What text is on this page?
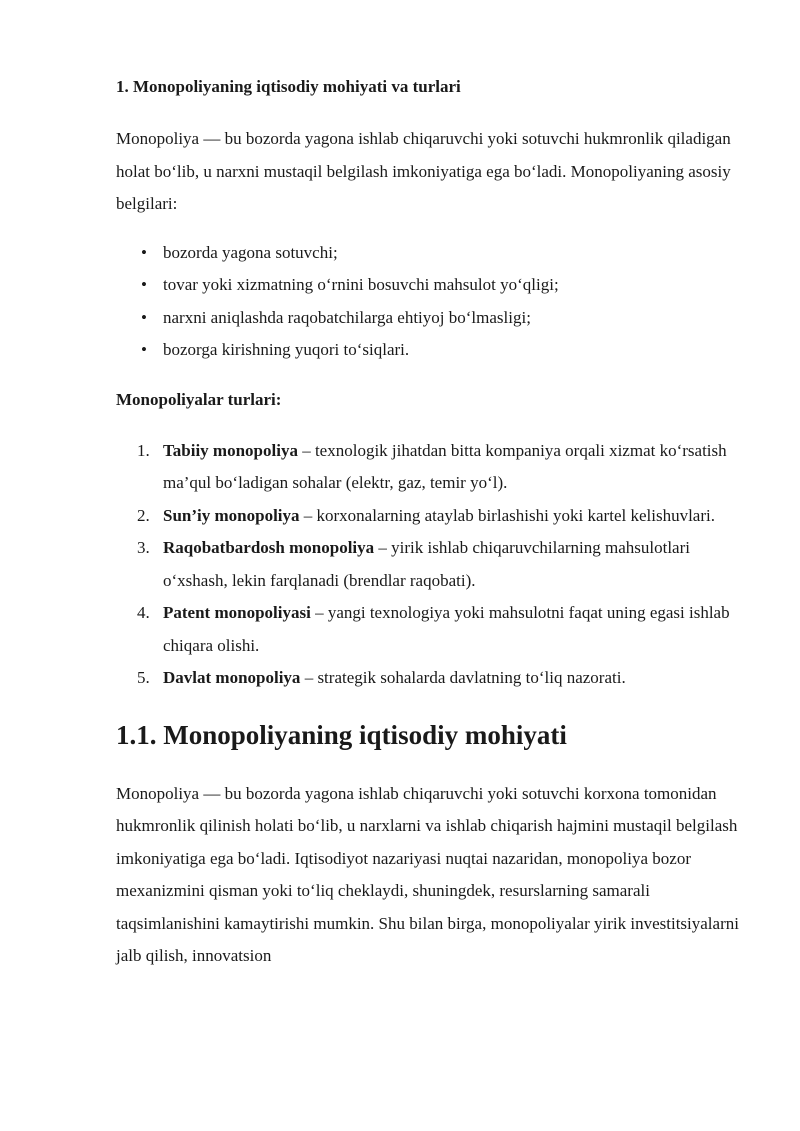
1. Monopoliyaning iqtisodiy mohiyati va turlari

Monopoliya — bu bozorda yagona ishlab chiqaruvchi yoki sotuvchi hukmronlik qiladigan holat bo‘lib, u narxni mustaqil belgilash imkoniyatiga ega bo‘ladi. Monopoliyaning asosiy belgilari:

• bozorda yagona sotuvchi;
• tovar yoki xizmatning o‘rnini bosuvchi mahsulot yo‘qligi;
• narxni aniqlashda raqobatchilarga ehtiyoj bo‘lmasligi;
• bozorga kirishning yuqori to‘siqlari.

Monopoliyalar turlari:

1. Tabiiy monopoliya – texnologik jihatdan bitta kompaniya orqali xizmat ko‘rsatish ma’qul bo‘ladigan sohalar (elektr, gaz, temir yo‘l).
2. Sun’iy monopoliya – korxonalarning ataylab birlashishi yoki kartel kelishuvlari.
3. Raqobatbardosh monopoliya – yirik ishlab chiqaruvchilarning mahsulotlari o‘xshash, lekin farqlanadi (brendlar raqobati).
4. Patent monopoliyasi – yangi texnologiya yoki mahsulotni faqat uning egasi ishlab chiqara olishi.
5. Davlat monopoliya – strategik sohalarda davlatning to‘liq nazorati.
1.1. Monopoliyaning iqtisodiy mohiyati

Monopoliya — bu bozorda yagona ishlab chiqaruvchi yoki sotuvchi korxona tomonidan hukmronlik qilinish holati bo‘lib, u narxlarni va ishlab chiqarish hajmini mustaqil belgilash imkoniyatiga ega bo‘ladi. Iqtisodiyot nazariyasi nuqtai nazaridan, monopoliya bozor mexanizmini qisman yoki to‘liq cheklaydi, shuningdek, resurslarning samarali taqsimlanishini kamaytirishi mumkin. Shu bilan birga, monopoliyalar yirik investitsiyalarni jalb qilish, innovatsion
